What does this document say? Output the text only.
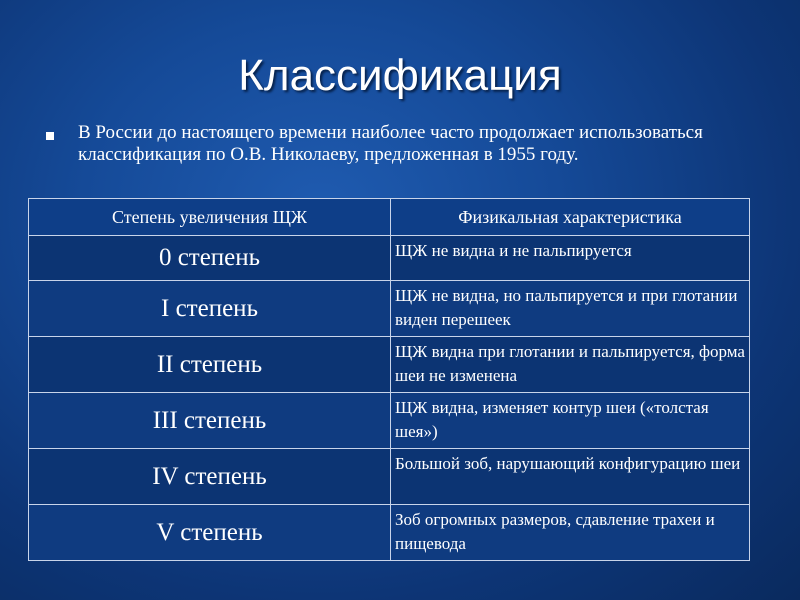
Классификация
В России до настоящего времени наиболее часто продолжает использоваться классификация по О.В. Николаеву, предложенная в 1955 году.
Степень увеличения ЩЖ	Физикальная характеристика
0 степень	ЩЖ не видна и не пальпируется
I степень	ЩЖ не видна, но пальпируется и при глотании виден перешеек
II степень	ЩЖ видна при глотании и пальпируется, форма шеи не изменена
III степень	ЩЖ видна, изменяет контур шеи («толстая шея»)
IV степень	Большой зоб, нарушающий конфигурацию шеи
V степень	Зоб огромных размеров, сдавление трахеи и пищевода
